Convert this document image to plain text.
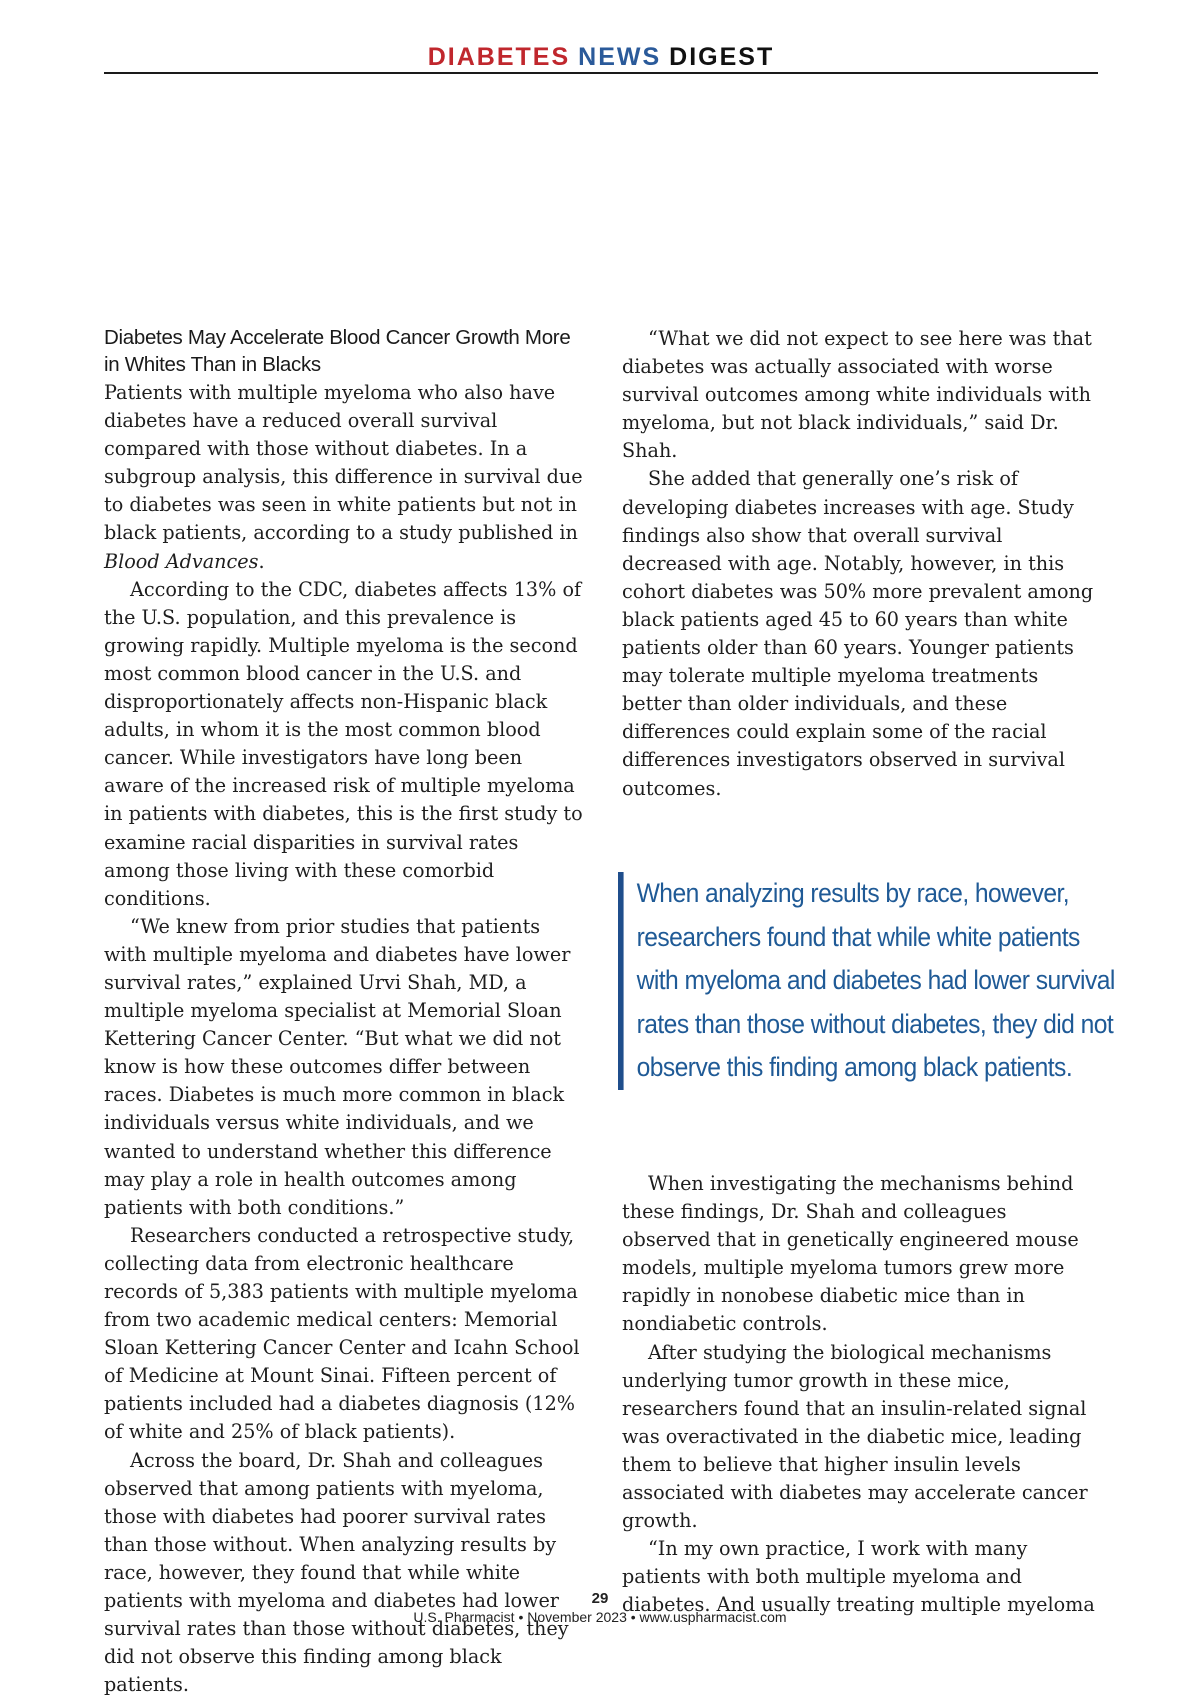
DIABETES NEWS DIGEST
Diabetes May Accelerate Blood Cancer Growth More in Whites Than in Blacks

Patients with multiple myeloma who also have diabetes have a reduced overall survival compared with those without diabetes. In a subgroup analysis, this difference in survival due to diabetes was seen in white patients but not in black patients, according to a study published in Blood Advances.

According to the CDC, diabetes affects 13% of the U.S. population, and this prevalence is growing rapidly. Multiple myeloma is the second most common blood cancer in the U.S. and disproportionately affects non-Hispanic black adults, in whom it is the most common blood cancer. While investigators have long been aware of the increased risk of multiple myeloma in patients with diabetes, this is the first study to examine racial disparities in survival rates among those living with these comorbid conditions.

“We knew from prior studies that patients with multiple myeloma and diabetes have lower survival rates,” explained Urvi Shah, MD, a multiple myeloma specialist at Memorial Sloan Kettering Cancer Center. “But what we did not know is how these outcomes differ between races. Diabetes is much more common in black individuals versus white individuals, and we wanted to understand whether this difference may play a role in health outcomes among patients with both conditions.”

Researchers conducted a retrospective study, collecting data from electronic healthcare records of 5,383 patients with multiple myeloma from two academic medical centers: Memorial Sloan Kettering Cancer Center and Icahn School of Medicine at Mount Sinai. Fifteen percent of patients included had a diabetes diagnosis (12% of white and 25% of black patients).

Across the board, Dr. Shah and colleagues observed that among patients with myeloma, those with diabetes had poorer survival rates than those without. When analyzing results by race, however, they found that while white patients with myeloma and diabetes had lower survival rates than those without diabetes, they did not observe this finding among black patients.

“What we did not expect to see here was that diabetes was actually associated with worse survival outcomes among white individuals with myeloma, but not black individuals,” said Dr. Shah.

She added that generally one’s risk of developing diabetes increases with age. Study findings also show that overall survival decreased with age. Notably, however, in this cohort diabetes was 50% more prevalent among black patients aged 45 to 60 years than white patients older than 60 years. Younger patients may tolerate multiple myeloma treatments better than older individuals, and these differences could explain some of the racial differences investigators observed in survival outcomes.

When analyzing results by race, however, researchers found that while white patients with myeloma and diabetes had lower survival rates than those without diabetes, they did not observe this finding among black patients.

When investigating the mechanisms behind these findings, Dr. Shah and colleagues observed that in genetically engineered mouse models, multiple myeloma tumors grew more rapidly in nonobese diabetic mice than in nondiabetic controls.

After studying the biological mechanisms underlying tumor growth in these mice, researchers found that an insulin-related signal was overactivated in the diabetic mice, leading them to believe that higher insulin levels associated with diabetes may accelerate cancer growth.

“In my own practice, I work with many patients with both multiple myeloma and diabetes. And usually treating multiple myeloma

29
U.S. Pharmacist • November 2023 • www.uspharmacist.com
